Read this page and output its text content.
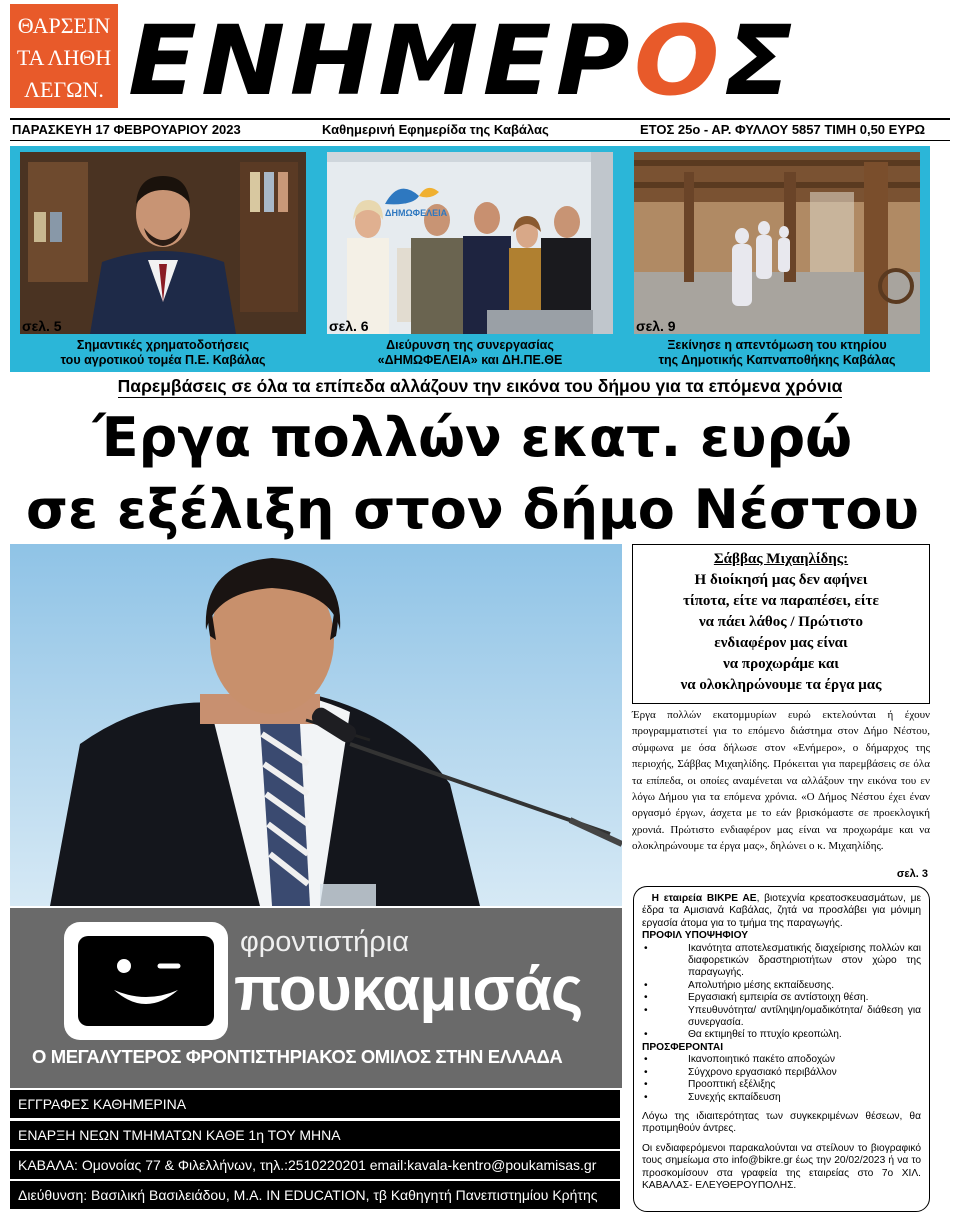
ΘΑΡΣΕΙΝ
ΤΑ ΛΗΘΗ
ΛΕΓΩΝ. ΕΝΗΜΕΡΟΣ
ΠΑΡΑΣΚΕΥΗ 17 ΦΕΒΡΟΥΑΡΙΟΥ 2023	Καθημερινή Εφημερίδα της Καβάλας	ΕΤΟΣ 25ο - ΑΡ. ΦΥΛΛΟΥ 5857 ΤΙΜΗ 0,50 ΕΥΡΩ
σελ. 5
Σημαντικές χρηματοδοτήσεις
του αγροτικού τομέα Π.Ε. Καβάλας
ΔΗΜΩΦΕΛΕΙΑ
σελ. 6
Διεύρυνση της συνεργασίας
«ΔΗΜΩΦΕΛΕΙΑ» και ΔΗ.ΠΕ.ΘΕ
σελ. 9
Ξεκίνησε η απεντόμωση του κτηρίου
της Δημοτικής Καπναποθήκης Καβάλας
Παρεμβάσεις σε όλα τα επίπεδα αλλάζουν την εικόνα του δήμου για τα επόμενα χρόνια
Έργα πολλών εκατ. ευρώ
σε εξέλιξη στον δήμο Νέστου
Σάββας Μιχαηλίδης:
Η διοίκησή μας δεν αφήνει
τίποτα, είτε να παραπέσει, είτε
να πάει λάθος / Πρώτιστο
ενδιαφέρον μας είναι
να προχωράμε και
να ολοκληρώνουμε τα έργα μας
Έργα πολλών εκατομμυρίων ευρώ εκτελούνται ή έχουν προγραμματιστεί για το επόμενο διάστημα στον Δήμο Νέστου, σύμφωνα με όσα δήλωσε στον «Ενήμερο», ο δήμαρχος της περιοχής, Σάββας Μιχαηλίδης. Πρόκειται για παρεμβάσεις σε όλα τα επίπεδα, οι οποίες αναμένεται να αλλάξουν την εικόνα του εν λόγω Δήμου για τα επόμενα χρόνια. «Ο Δήμος Νέστου έχει έναν οργασμό έργων, άσχετα με το εάν βρισκόμαστε σε προεκλογική χρονιά. Πρώτιστο ενδιαφέρον μας είναι να προχωράμε και να ολοκληρώνουμε τα έργα μας», δηλώνει ο κ. Μιχαηλίδης.
σελ. 3
φροντιστήρια
πουκαμισάς
Ο ΜΕΓΑΛΥΤΕΡΟΣ ΦΡΟΝΤΙΣΤΗΡΙΑΚΟΣ ΟΜΙΛΟΣ ΣΤΗΝ ΕΛΛΑΔΑ
ΕΓΓΡΑΦΕΣ ΚΑΘΗΜΕΡΙΝΑ
ΕΝΑΡΞΗ ΝΕΩΝ ΤΜΗΜΑΤΩΝ ΚΑΘΕ 1η ΤΟΥ ΜΗΝΑ
ΚΑΒΑΛΑ: Ομονοίας 77 & Φιλελλήνων, τηλ.:2510220201 email:kavala-kentro@poukamisas.gr
Διεύθυνση: Βασιλική Βασιλειάδου, Μ.Α. IN EDUCATION, τβ Καθηγητή Πανεπιστημίου Κρήτης

Η εταιρεία ΒΙΚΡΕ ΑΕ, βιοτεχνία κρεατοσκευασμάτων, με έδρα τα Αμισιανά Καβάλας, ζητά να προσλάβει για μόνιμη εργασία άτομα για το τμήμα της παραγωγής.

ΠΡΟΦΙΛ ΥΠΟΨΗΦΙΟΥ

• Ικανότητα αποτελεσματικής διαχείρισης πολλών και διαφορετικών δραστηριοτήτων στον χώρο της παραγωγής.

• Απολυτήριο μέσης εκπαίδευσης.

• Εργασιακή εμπειρία σε αντίστοιχη θέση.

• Υπευθυνότητα/ αντίληψη/ομαδικότητα/ διάθεση για συνεργασία.

• Θα εκτιμηθεί το πτυχίο κρεοπώλη.

ΠΡΟΣΦΕΡΟΝΤΑΙ

• Ικανοποιητικό πακέτο αποδοχών

• Σύγχρονο εργασιακό περιβάλλον

• Προοπτική εξέλιξης

• Συνεχής εκπαίδευση

Λόγω της ιδιαιτερότητας των συγκεκριμένων θέσεων, θα προτιμηθούν άντρες.

Οι ενδιαφερόμενοι παρακαλούνται να στείλουν το βιογραφικό τους σημείωμα στο info@bikre.gr έως την 20/02/2023 ή να το προσκομίσουν στα γραφεία της εταιρείας στο 7ο ΧΙΛ. ΚΑΒΑΛΑΣ- ΕΛΕΥΘΕΡΟΥΠΟΛΗΣ.
